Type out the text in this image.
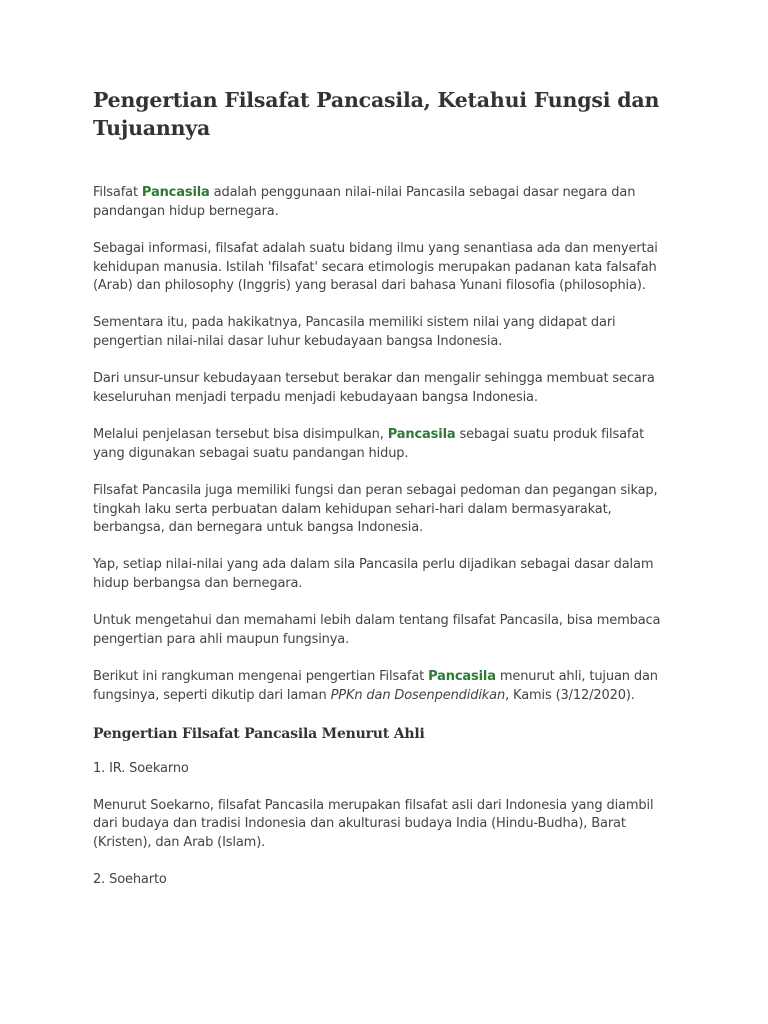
Pengertian Filsafat Pancasila, Ketahui Fungsi dan Tujuannya

Filsafat Pancasila adalah penggunaan nilai-nilai Pancasila sebagai dasar negara dan pandangan hidup bernegara.

Sebagai informasi, filsafat adalah suatu bidang ilmu yang senantiasa ada dan menyertai kehidupan manusia. Istilah 'filsafat' secara etimologis merupakan padanan kata falsafah (Arab) dan philosophy (Inggris) yang berasal dari bahasa Yunani filosofia (philosophia).

Sementara itu, pada hakikatnya, Pancasila memiliki sistem nilai yang didapat dari pengertian nilai-nilai dasar luhur kebudayaan bangsa Indonesia.

Dari unsur-unsur kebudayaan tersebut berakar dan mengalir sehingga membuat secara keseluruhan menjadi terpadu menjadi kebudayaan bangsa Indonesia.

Melalui penjelasan tersebut bisa disimpulkan, Pancasila sebagai suatu produk filsafat yang digunakan sebagai suatu pandangan hidup.

Filsafat Pancasila juga memiliki fungsi dan peran sebagai pedoman dan pegangan sikap, tingkah laku serta perbuatan dalam kehidupan sehari-hari dalam bermasyarakat, berbangsa, dan bernegara untuk bangsa Indonesia.

Yap, setiap nilai-nilai yang ada dalam sila Pancasila perlu dijadikan sebagai dasar dalam hidup berbangsa dan bernegara.

Untuk mengetahui dan memahami lebih dalam tentang filsafat Pancasila, bisa membaca pengertian para ahli maupun fungsinya.

Berikut ini rangkuman mengenai pengertian Filsafat Pancasila menurut ahli, tujuan dan fungsinya, seperti dikutip dari laman PPKn dan Dosenpendidikan, Kamis (3/12/2020).

Pengertian Filsafat Pancasila Menurut Ahli

1. IR. Soekarno

Menurut Soekarno, filsafat Pancasila merupakan filsafat asli dari Indonesia yang diambil dari budaya dan tradisi Indonesia dan akulturasi budaya India (Hindu-Budha), Barat (Kristen), dan Arab (Islam).

2. Soeharto
